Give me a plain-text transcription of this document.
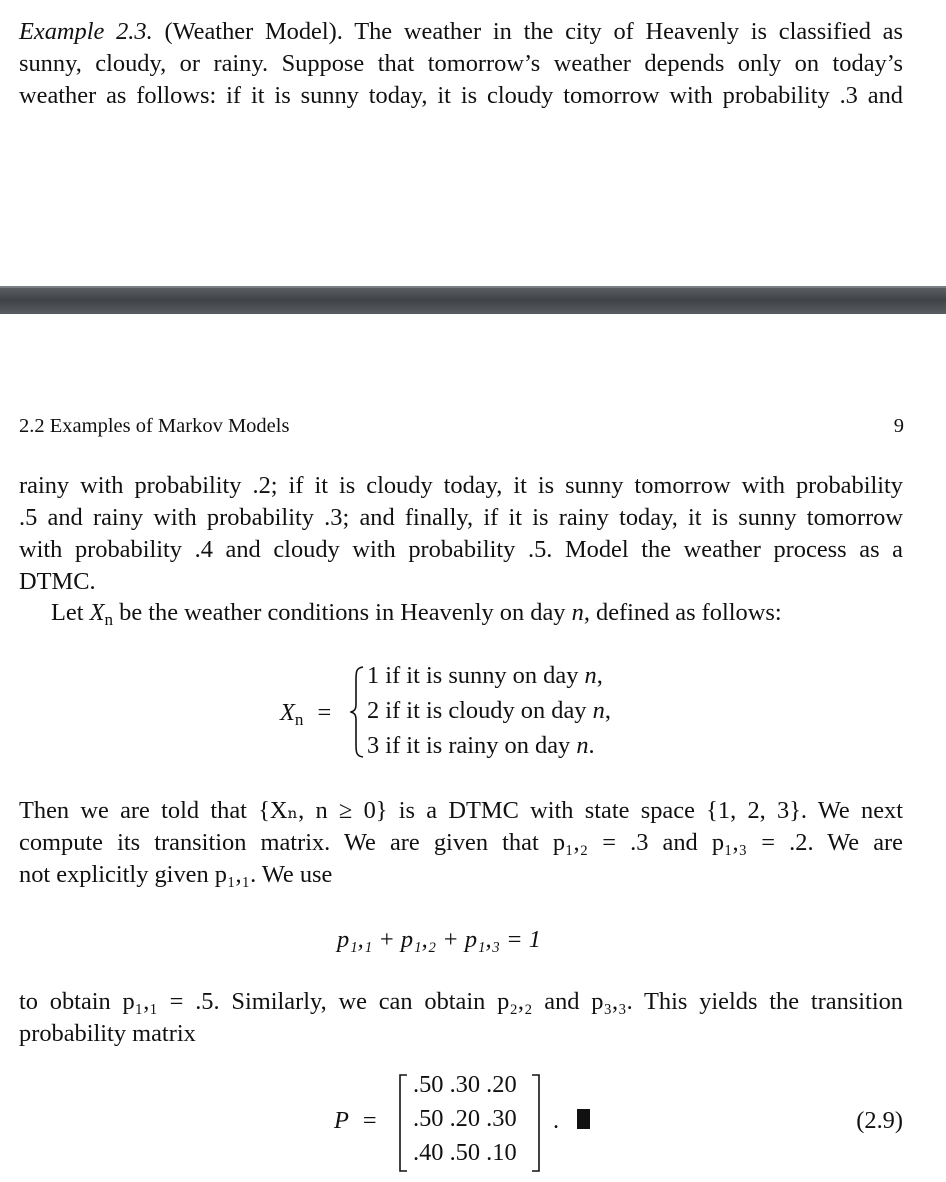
Example 2.3. (Weather Model). The weather in the city of Heavenly is classified as
sunny, cloudy, or rainy. Suppose that tomorrow’s weather depends only on today’s
weather as follows: if it is sunny today, it is cloudy tomorrow with probability .3 and
2.2 Examples of Markov Models	9
rainy with probability .2; if it is cloudy today, it is sunny tomorrow with probability
.5 and rainy with probability .3; and finally, if it is rainy today, it is sunny tomorrow
with probability .4 and cloudy with probability .5. Model the weather process as a
DTMC.
Let $X_n$ be the weather conditions in Heavenly on day n, defined as follows:
$X_n$ =
1 if it is sunny on day n,
2 if it is cloudy on day n,
3 if it is rainy on day n.
Then we are told that {Xₙ, n ≥ 0} is a DTMC with state space {1, 2, 3}. We next
compute its transition matrix. We are given that p₁,₂ = .3 and p₁,₃ = .2. We are
not explicitly given p₁,₁. We use
p₁,₁ + p₁,₂ + p₁,₃ = 1
to obtain p₁,₁ = .5. Similarly, we can obtain p₂,₂ and p₃,₃. This yields the transition
probability matrix
P =
.50 .30 .20
.50 .20 .30
.40 .50 .10
.	(2.9)
